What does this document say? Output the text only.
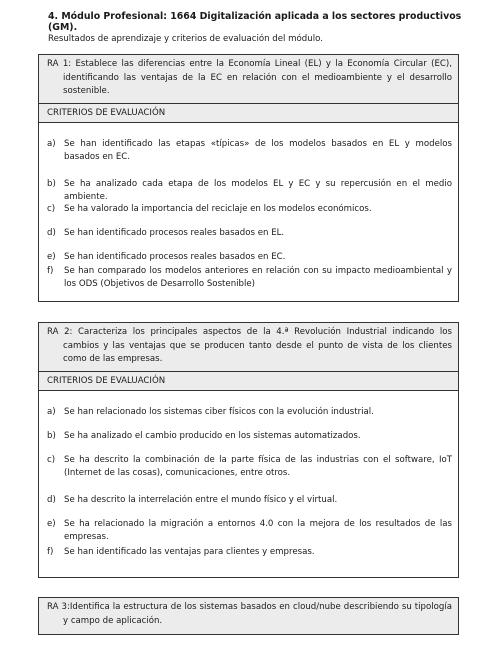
4. Módulo Profesional: 1664 Digitalización aplicada a los sectores productivos (GM).
Resultados de aprendizaje y criterios de evaluación del módulo.
RA 1: Establece las diferencias entre la Economía Lineal (EL) y la Economía Circular (EC), identificando las ventajas de la EC en relación con el medioambiente y el desarrollo sostenible.
CRITERIOS DE EVALUACIÓN
a) Se han identificado las etapas «típicas» de los modelos basados en EL y modelos basados en EC.
b) Se ha analizado cada etapa de los modelos EL y EC y su repercusión en el medio ambiente.
c) Se ha valorado la importancia del reciclaje en los modelos económicos.
d) Se han identificado procesos reales basados en EL.
e) Se han identificado procesos reales basados en EC.
f) Se han comparado los modelos anteriores en relación con su impacto medioambiental y los ODS (Objetivos de Desarrollo Sostenible)
RA 2: Caracteriza los principales aspectos de la 4.ª Revolución Industrial indicando los cambios y las ventajas que se producen tanto desde el punto de vista de los clientes como de las empresas.
CRITERIOS DE EVALUACIÓN
a) Se han relacionado los sistemas ciber físicos con la evolución industrial.
b) Se ha analizado el cambio producido en los sistemas automatizados.
c) Se ha descrito la combinación de la parte física de las industrias con el software, IoT (Internet de las cosas), comunicaciones, entre otros.
d) Se ha descrito la interrelación entre el mundo físico y el virtual.
e) Se ha relacionado la migración a entornos 4.0 con la mejora de los resultados de las empresas.
f) Se han identificado las ventajas para clientes y empresas.
RA 3:Identifica la estructura de los sistemas basados en cloud/nube describiendo su tipología y campo de aplicación.
